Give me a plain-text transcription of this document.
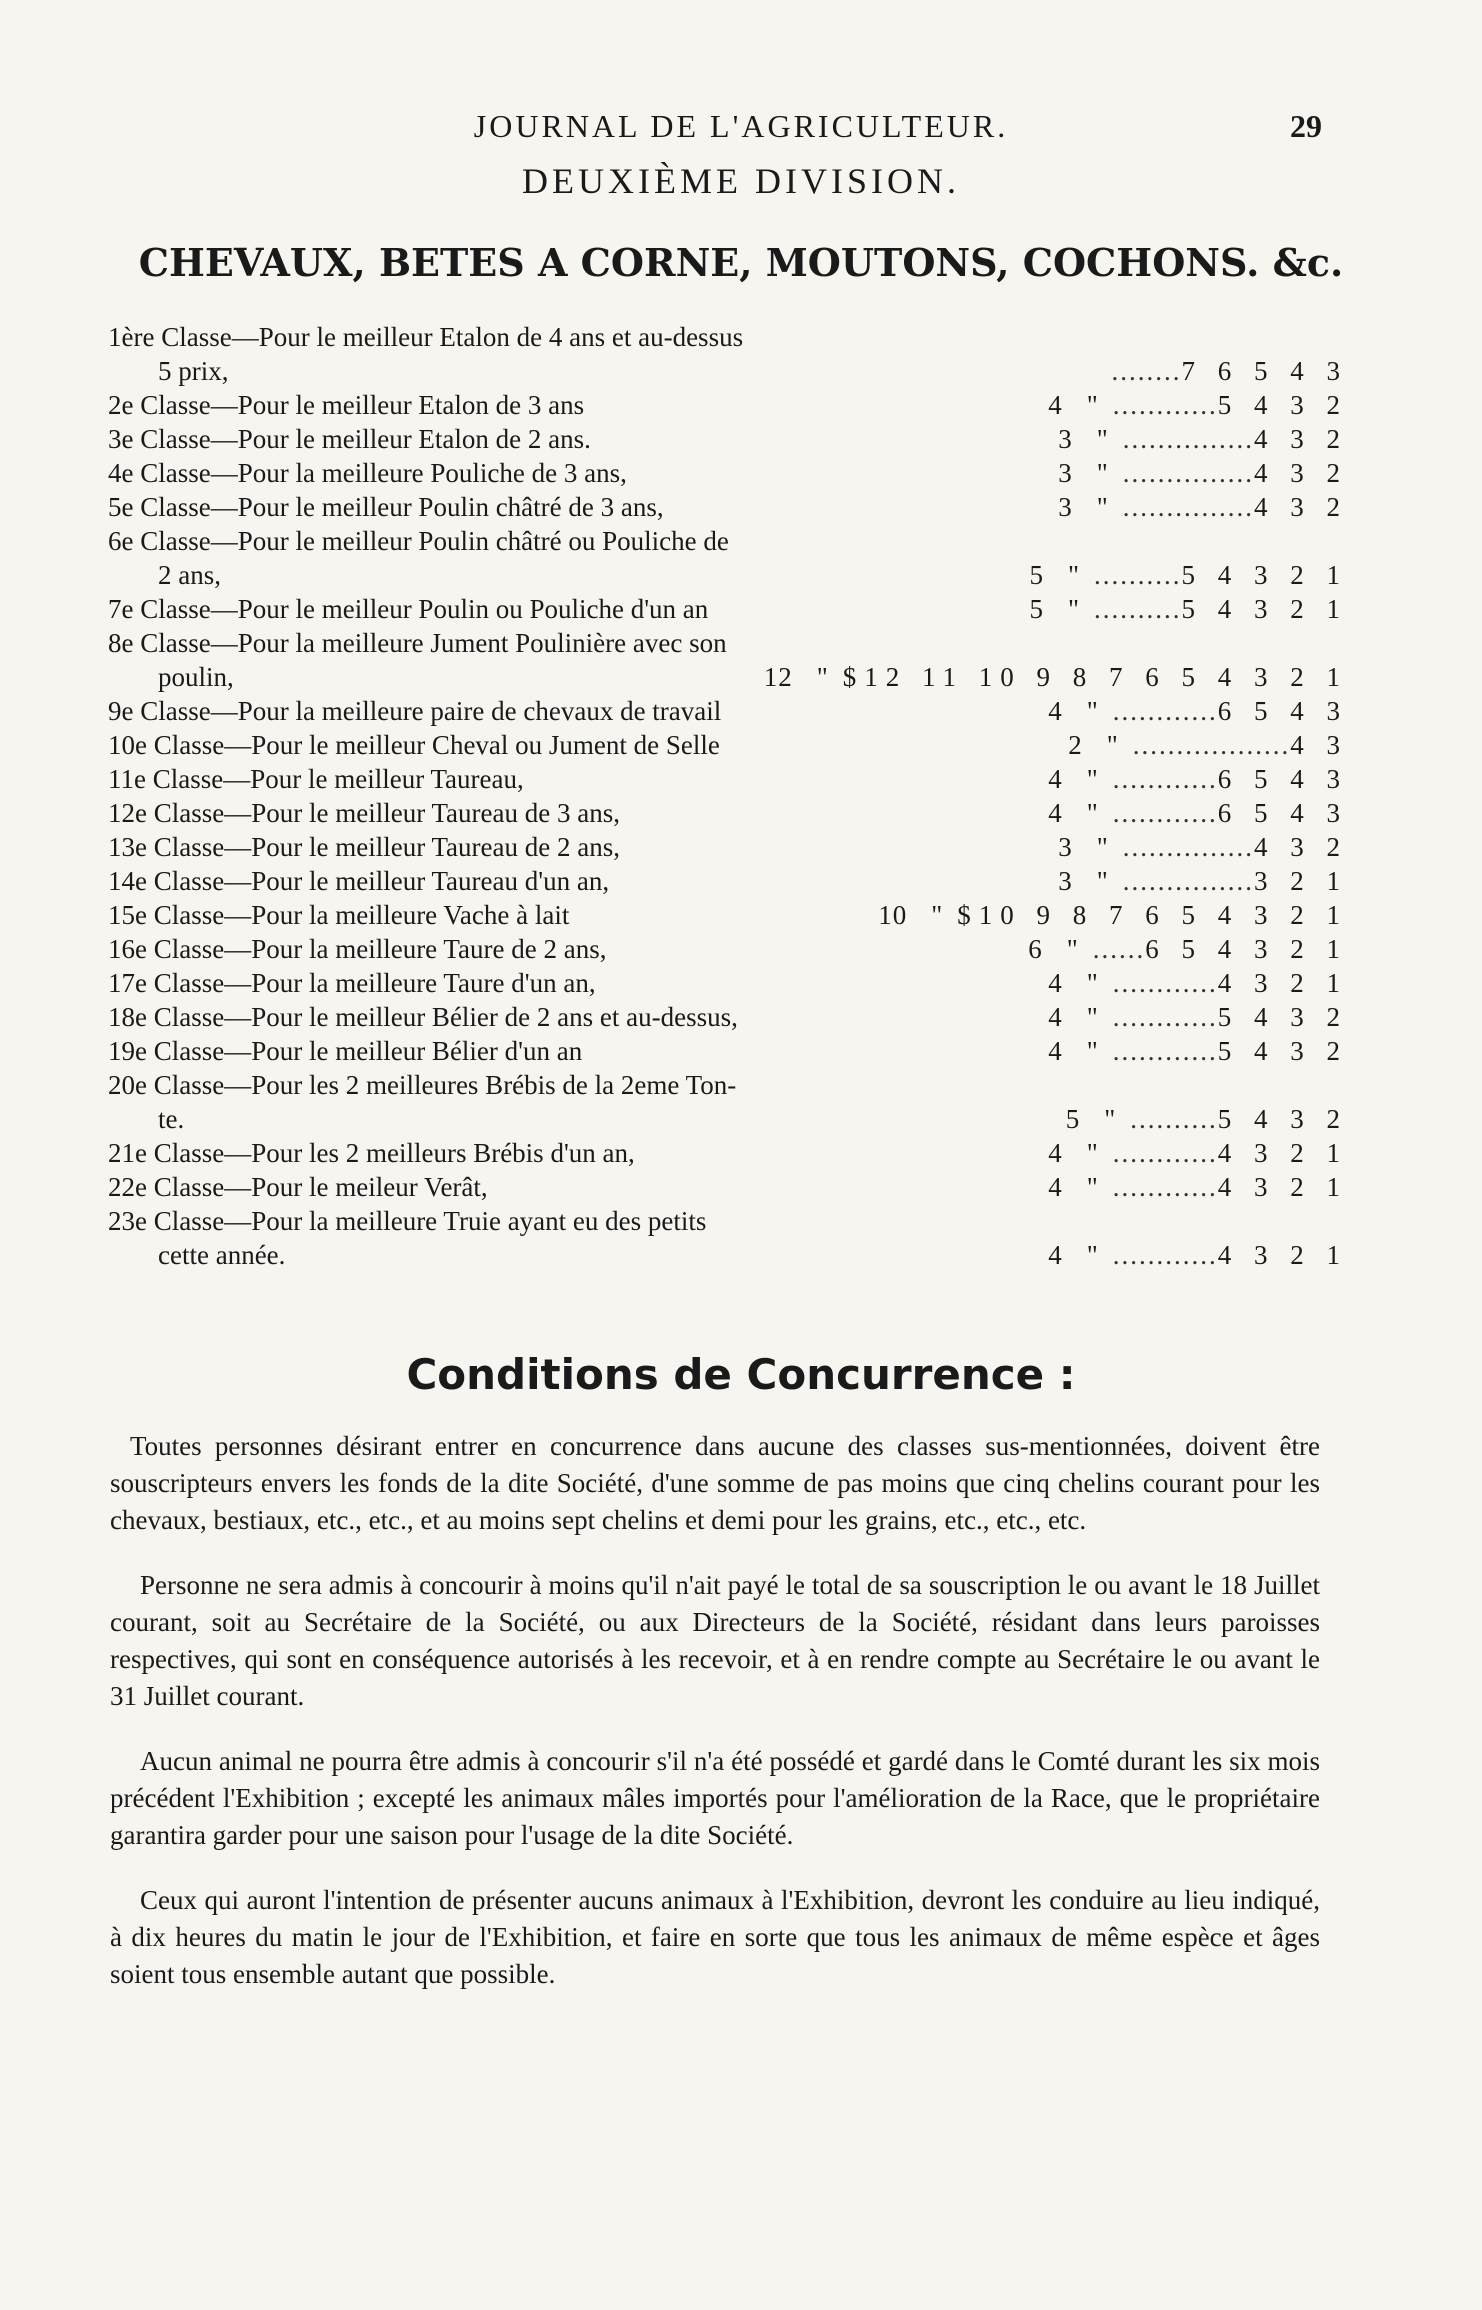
JOURNAL DE L'AGRICULTEUR.	29
DEUXIÈME DIVISION.
CHEVAUX, BETES A CORNE, MOUTONS, COCHONS. &c.
1ère Classe—Pour le meilleur Etalon de 4 ans et au-dessus
5 prix,	........7 6 5 4 3
2e Classe—Pour le meilleur Etalon de 3 ans	4 " ............5 4 3 2
3e Classe—Pour le meilleur Etalon de 2 ans.	3 " ...............4 3 2
4e Classe—Pour la meilleure Pouliche de 3 ans,	3 " ...............4 3 2
5e Classe—Pour le meilleur Poulin châtré de 3 ans,	3 " ...............4 3 2
6e Classe—Pour le meilleur Poulin châtré ou Pouliche de
2 ans,	5 " ..........5 4 3 2 1
7e Classe—Pour le meilleur Poulin ou Pouliche d'un an	5 " ..........5 4 3 2 1
8e Classe—Pour la meilleure Jument Poulinière avec son
poulin,	12 " $12 11 10 9 8 7 6 5 4 3 2 1
9e Classe—Pour la meilleure paire de chevaux de travail	4 " ............6 5 4 3
10e Classe—Pour le meilleur Cheval ou Jument de Selle	2 " ..................4 3
11e Classe—Pour le meilleur Taureau,	4 " ............6 5 4 3
12e Classe—Pour le meilleur Taureau de 3 ans,	4 " ............6 5 4 3
13e Classe—Pour le meilleur Taureau de 2 ans,	3 " ...............4 3 2
14e Classe—Pour le meilleur Taureau d'un an,	3 " ...............3 2 1
15e Classe—Pour la meilleure Vache à lait	10 " $10 9 8 7 6 5 4 3 2 1
16e Classe—Pour la meilleure Taure de 2 ans,	6 " ......6 5 4 3 2 1
17e Classe—Pour la meilleure Taure d'un an,	4 " ............4 3 2 1
18e Classe—Pour le meilleur Bélier de 2 ans et au-dessus,	4 " ............5 4 3 2
19e Classe—Pour le meilleur Bélier d'un an	4 " ............5 4 3 2
20e Classe—Pour les 2 meilleures Brébis de la 2eme Ton-
te.	5 " ..........5 4 3 2
21e Classe—Pour les 2 meilleurs Brébis d'un an,	4 " ............4 3 2 1
22e Classe—Pour le meileur Verât,	4 " ............4 3 2 1
23e Classe—Pour la meilleure Truie ayant eu des petits
cette année.	4 " ............4 3 2 1
Conditions de Concurrence :

Toutes personnes désirant entrer en concurrence dans aucune des classes sus-mentionnées, doivent être souscripteurs envers les fonds de la dite Société, d'une somme de pas moins que cinq chelins courant pour les chevaux, bestiaux, etc., etc., et au moins sept chelins et demi pour les grains, etc., etc., etc.

Personne ne sera admis à concourir à moins qu'il n'ait payé le total de sa souscription le ou avant le 18 Juillet courant, soit au Secrétaire de la Société, ou aux Directeurs de la Société, résidant dans leurs paroisses respectives, qui sont en conséquence autorisés à les recevoir, et à en rendre compte au Secrétaire le ou avant le 31 Juillet courant.

Aucun animal ne pourra être admis à concourir s'il n'a été possédé et gardé dans le Comté durant les six mois précédent l'Exhibition ; excepté les animaux mâles importés pour l'amélioration de la Race, que le propriétaire garantira garder pour une saison pour l'usage de la dite Société.

Ceux qui auront l'intention de présenter aucuns animaux à l'Exhibition, devront les conduire au lieu indiqué, à dix heures du matin le jour de l'Exhibition, et faire en sorte que tous les animaux de même espèce et âges soient tous ensemble autant que possible.
